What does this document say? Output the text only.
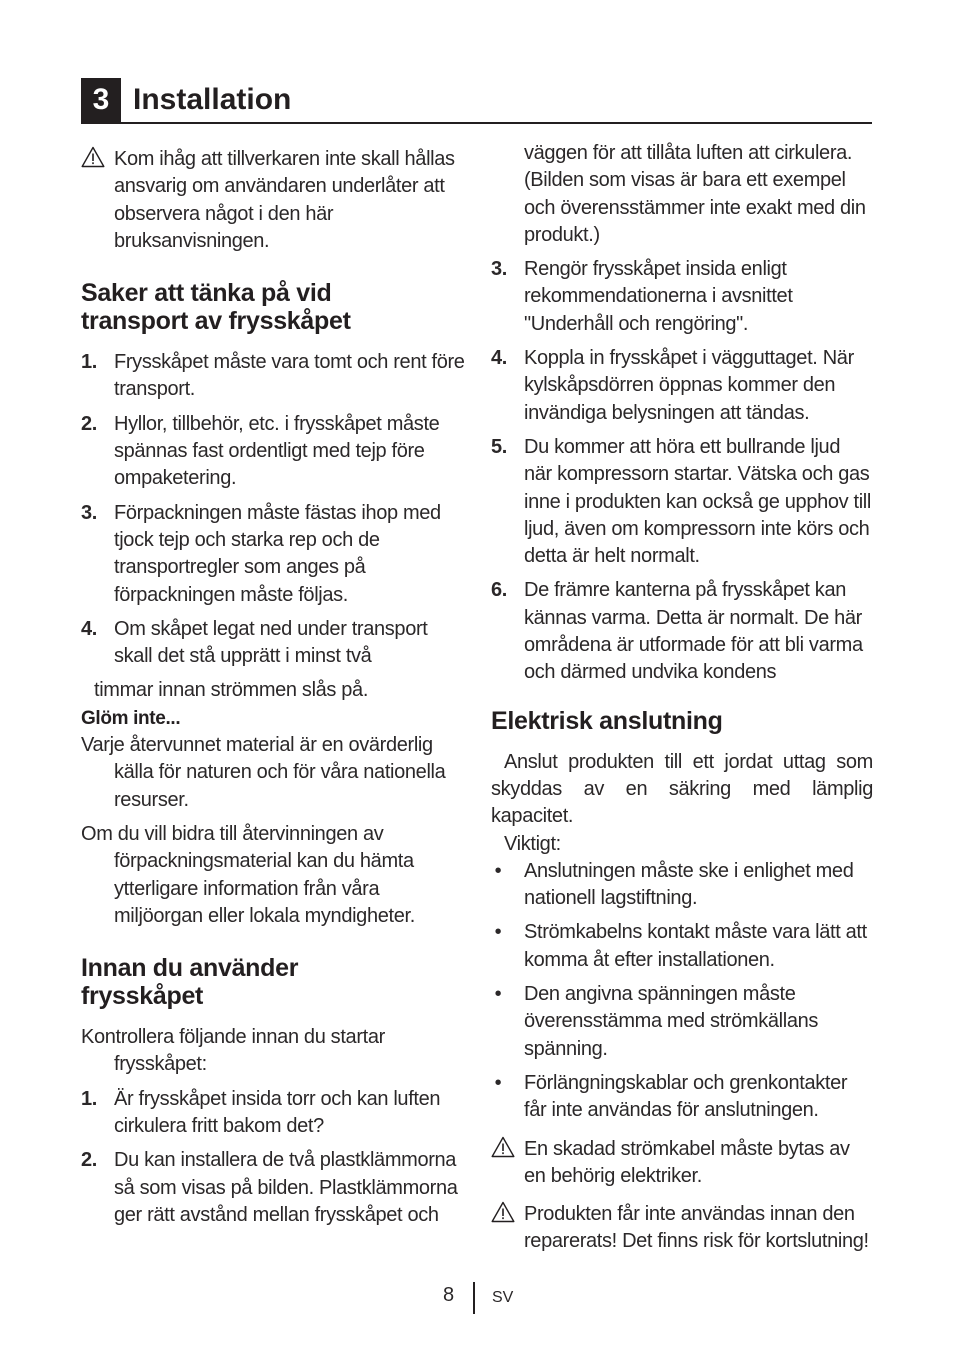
3 Installation

Kom ihåg att tillverkaren inte skall hållas ansvarig om användaren underlåter att observera något i den här bruksanvisningen.

Saker att tänka på vid
transport av frysskåpet
1. Frysskåpet måste vara tomt och rent före transport.
2. Hyllor, tillbehör, etc. i frysskåpet måste spännas fast ordentligt med tejp före ompaketering.
3. Förpackningen måste fästas ihop med tjock tejp och starka rep och de transportregler som anges på förpackningen måste följas.
4. Om skåpet legat ned under transport skall det stå upprätt i minst två

timmar innan strömmen slås på.

Glöm inte...

Varje återvunnet material är en ovärderlig källa för naturen och för våra nationella resurser.

Om du vill bidra till återvinningen av förpackningsmaterial kan du hämta ytterligare information från våra miljöorgan eller lokala myndigheter.

Innan du använder
frysskåpet

Kontrollera följande innan du startar frysskåpet:

1. Är frysskåpet insida torr och kan luften cirkulera fritt bakom det?
2. Du kan installera de två plastklämmorna så som visas på bilden. Plastklämmorna ger rätt avstånd mellan frysskåpet och

väggen för att tillåta luften att cirkulera. (Bilden som visas är bara ett exempel och överensstämmer inte exakt med din produkt.)

3. Rengör frysskåpet insida enligt rekommendationerna i avsnittet "Underhåll och rengöring".
4. Koppla in frysskåpet i vägguttaget. När kylskåpsdörren öppnas kommer den invändiga belysningen att tändas.
5. Du kommer att höra ett bullrande ljud när kompressorn startar. Vätska och gas inne i produkten kan också ge upphov till ljud, även om kompressorn inte körs och detta är helt normalt.
6. De främre kanterna på frysskåpet kan kännas varma. Detta är normalt. De här områdena är utformade för att bli varma och därmed undvika kondens
Elektrisk anslutning

Anslut produkten till ett jordat uttag som skyddas av en säkring med lämplig kapacitet.

Viktigt:

• Anslutningen måste ske i enlighet med nationell lagstiftning.
• Strömkabelns kontakt måste vara lätt att komma åt efter installationen.
• Den angivna spänningen måste överensstämma med strömkällans spänning.
• Förlängningskablar och grenkontakter får inte användas för anslutningen.

En skadad strömkabel måste bytas av en behörig elektriker.

Produkten får inte användas innan den reparerats! Det finns risk för kortslutning!

8 SV
